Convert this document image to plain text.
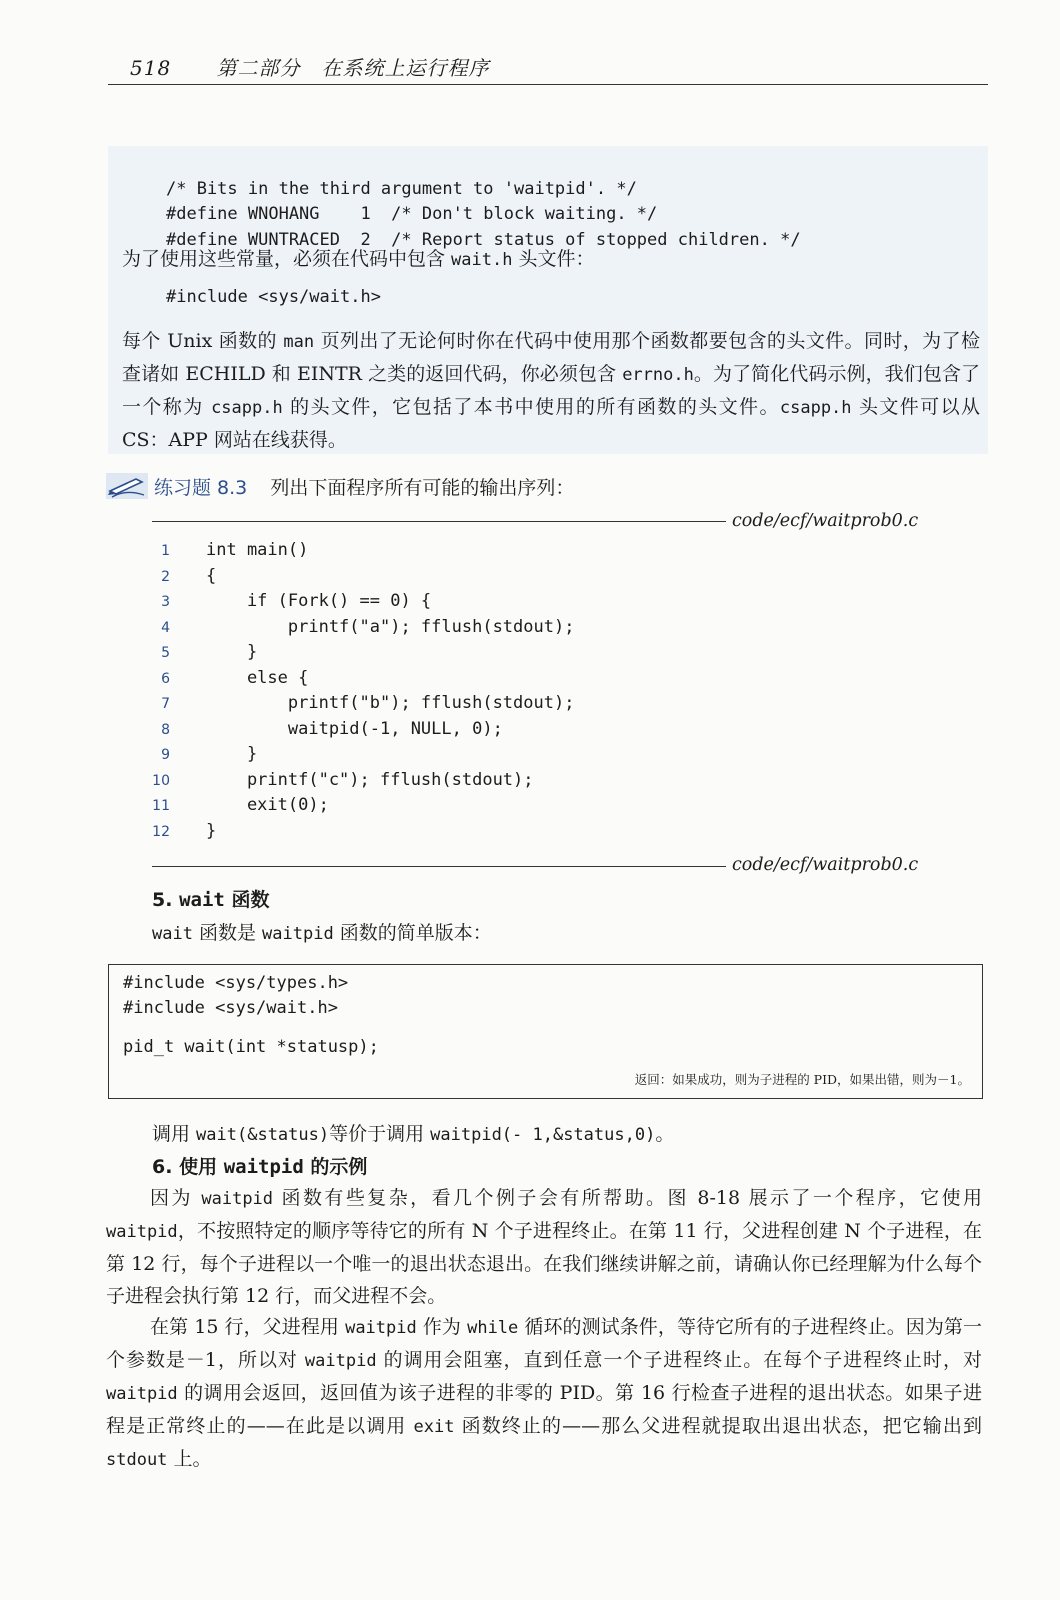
518 第二部分　在系统上运行程序

/* Bits in the third argument to 'waitpid'. */
#define WNOHANG    1  /* Don't block waiting. */
#define WUNTRACED  2  /* Report status of stopped children. */
为了使用这些常量，必须在代码中包含 wait.h 头文件：
#include <sys/wait.h>
每个 Unix 函数的 man 页列出了无论何时你在代码中使用那个函数都要包含的头文件。同时，为了检查诸如 ECHILD 和 EINTR 之类的返回代码，你必须包含 errno.h。为了简化代码示例，我们包含了一个称为 csapp.h 的头文件，它包括了本书中使用的所有函数的头文件。csapp.h 头文件可以从 CS：APP 网站在线获得。
练习题 8.3 列出下面程序所有可能的输出序列：
code/ecf/waitprob0.c
1 int main()
2 {
3    if (Fork() == 0) {
4        printf("a"); fflush(stdout);
5    }
6    else {
7        printf("b"); fflush(stdout);
8        waitpid(-1, NULL, 0);
9    }
10    printf("c"); fflush(stdout);
11    exit(0);
12 }
code/ecf/waitprob0.c
5. wait 函数
wait 函数是 waitpid 函数的简单版本：
#include <sys/types.h>
#include <sys/wait.h>
pid_t wait(int *statusp);
返回：如果成功，则为子进程的 PID，如果出错，则为－1。
调用 wait(&status)等价于调用 waitpid(- 1,&status,0)。
6. 使用 waitpid 的示例
因为 waitpid 函数有些复杂，看几个例子会有所帮助。图 8-18 展示了一个程序，它使用 waitpid，不按照特定的顺序等待它的所有 N 个子进程终止。在第 11 行，父进程创建 N 个子进程，在第 12 行，每个子进程以一个唯一的退出状态退出。在我们继续讲解之前，请确认你已经理解为什么每个子进程会执行第 12 行，而父进程不会。
在第 15 行，父进程用 waitpid 作为 while 循环的测试条件，等待它所有的子进程终止。因为第一个参数是－1，所以对 waitpid 的调用会阻塞，直到任意一个子进程终止。在每个子进程终止时，对 waitpid 的调用会返回，返回值为该子进程的非零的 PID。第 16 行检查子进程的退出状态。如果子进程是正常终止的——在此是以调用 exit 函数终止的——那么父进程就提取出退出状态，把它输出到 stdout 上。
